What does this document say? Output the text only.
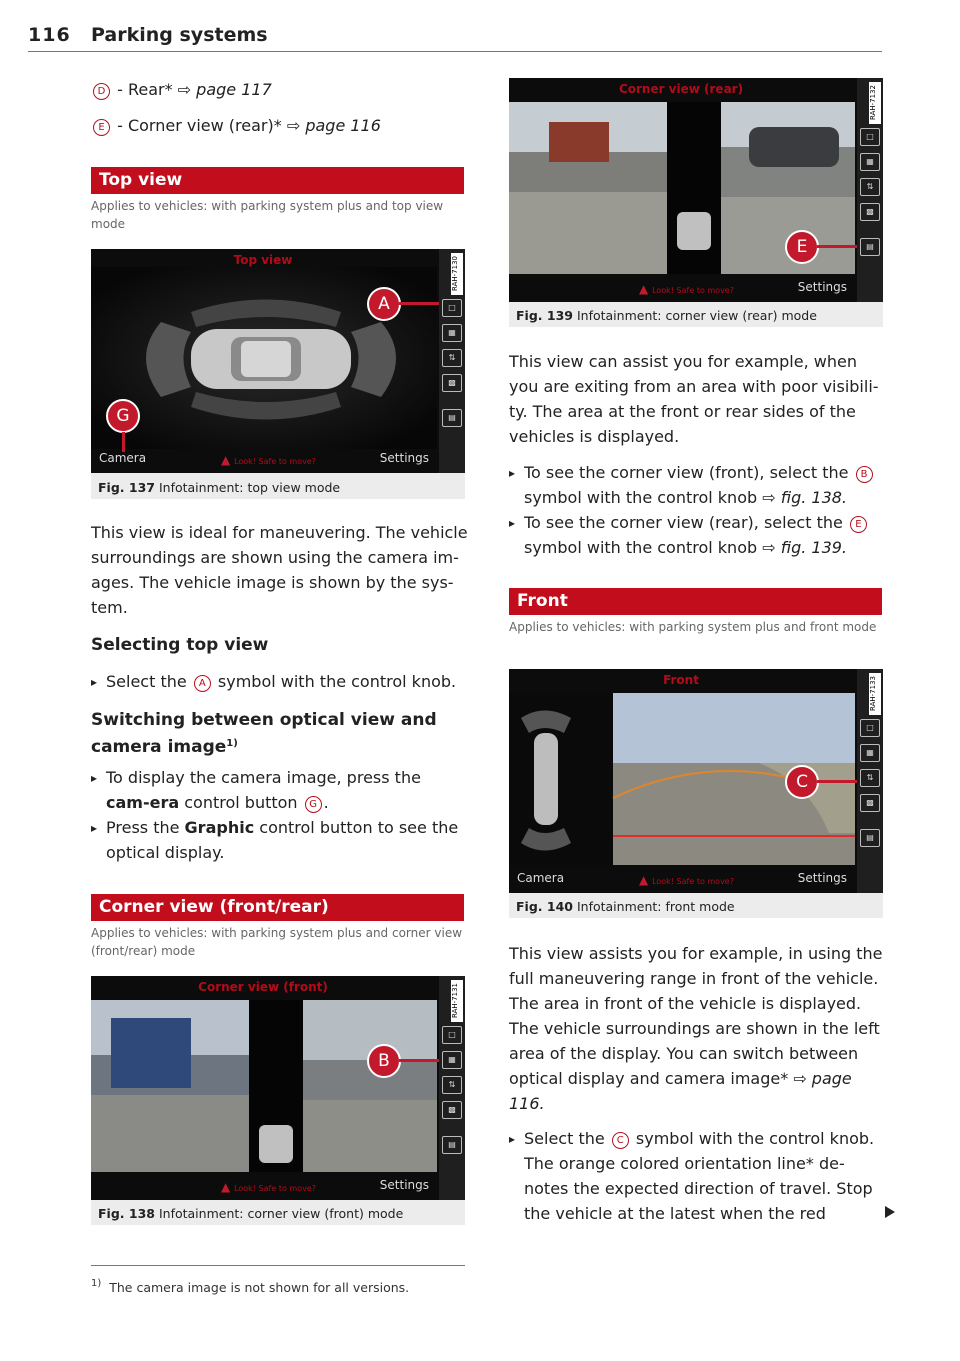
116 Parking systems
D - Rear* ⇨ page 117
E - Corner view (rear)* ⇨ page 116
Top view
Applies to vehicles: with parking system plus and top view mode
Top view
A
G
Camera	▲ Look! Safe to move?	Settings
RAH-7130
□
▦
⇅
▩
▤
Fig. 137 Infotainment: top view mode
This view is ideal for maneuvering. The vehicle surroundings are shown using the camera im-ages. The vehicle image is shown by the sys-tem.
Selecting top view
▸ Select the A symbol with the control knob.
Switching between optical view and
camera image$^{1)}$
▸ To display the camera image, press the cam-era control button G .
▸ Press the Graphic control button to see the optical display.
Corner view (front/rear)
Applies to vehicles: with parking system plus and corner view (front/rear) mode
Corner view (front)
B
▲ Look! Safe to move?	Settings
RAH-7131
□
▦
⇅
▩
▤
Fig. 138 Infotainment: corner view (front) mode
$^{1)}$ The camera image is not shown for all versions.
Corner view (rear)
E
▲ Look! Safe to move?	Settings
RAH-7132
□
▦
⇅
▩
▤
Fig. 139 Infotainment: corner view (rear) mode
This view can assist you for example, when you are exiting from an area with poor visibili-ty. The area at the front or rear sides of the vehicles is displayed.
▸ To see the corner view (front), select the B symbol with the control knob ⇨ fig. 138.
▸ To see the corner view (rear), select the E symbol with the control knob ⇨ fig. 139.
Front
Applies to vehicles: with parking system plus and front mode
Front
C
Camera	▲ Look! Safe to move?	Settings
RAH-7133
□
▦
⇅
▩
▤
Fig. 140 Infotainment: front mode
This view assists you for example, in using the full maneuvering range in front of the vehicle. The area in front of the vehicle is displayed. The vehicle surroundings are shown in the left area of the display. You can switch between optical display and camera image* ⇨ page 116.
▸ Select the C symbol with the control knob. The orange colored orientation line* de-notes the expected direction of travel. Stop the vehicle at the latest when the red
